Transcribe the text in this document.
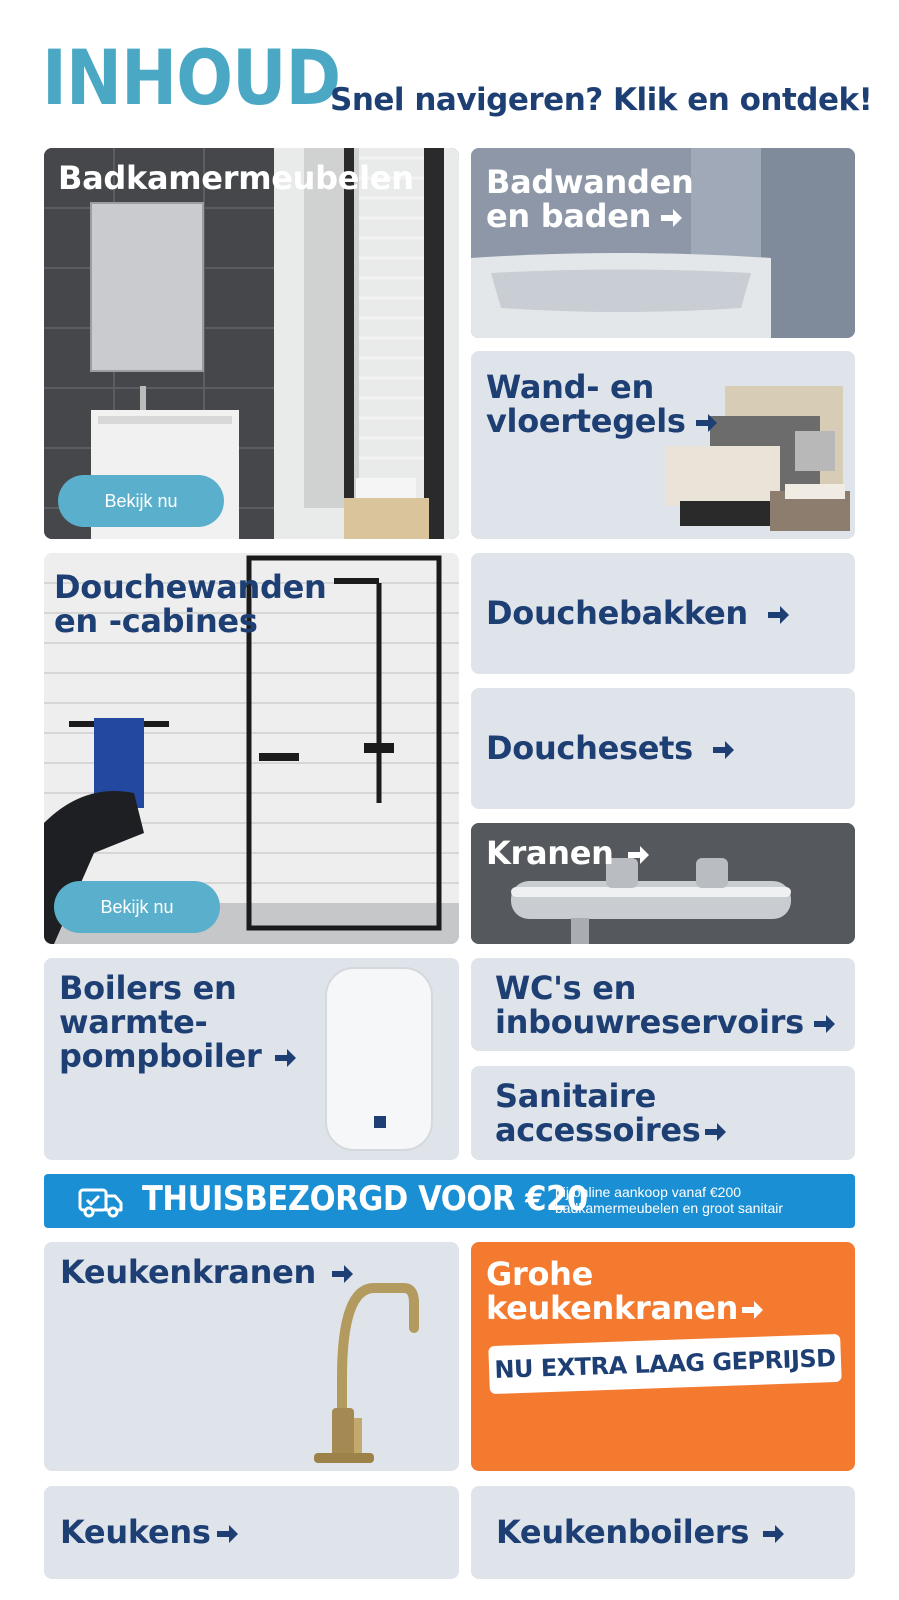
INHOUD
Snel navigeren? Klik en ontdek!
Badkamermeubelen
Bekijk nu
Badwanden
en baden
Wand- en
vloertegels
Douchewanden
en -cabines
Bekijk nu
Douchebakken
Douchesets
Kranen
Boilers en
warmte-
pompboiler
WC's en
inbouwreservoirs
Sanitaire
accessoires
THUISBEZORGD VOOR €20
bij online aankoop vanaf €200
badkamermeubelen en groot sanitair
Keukenkranen	Grohe
keukenkranen
NU EXTRA LAAG GEPRIJSD
Keukens	Keukenboilers
